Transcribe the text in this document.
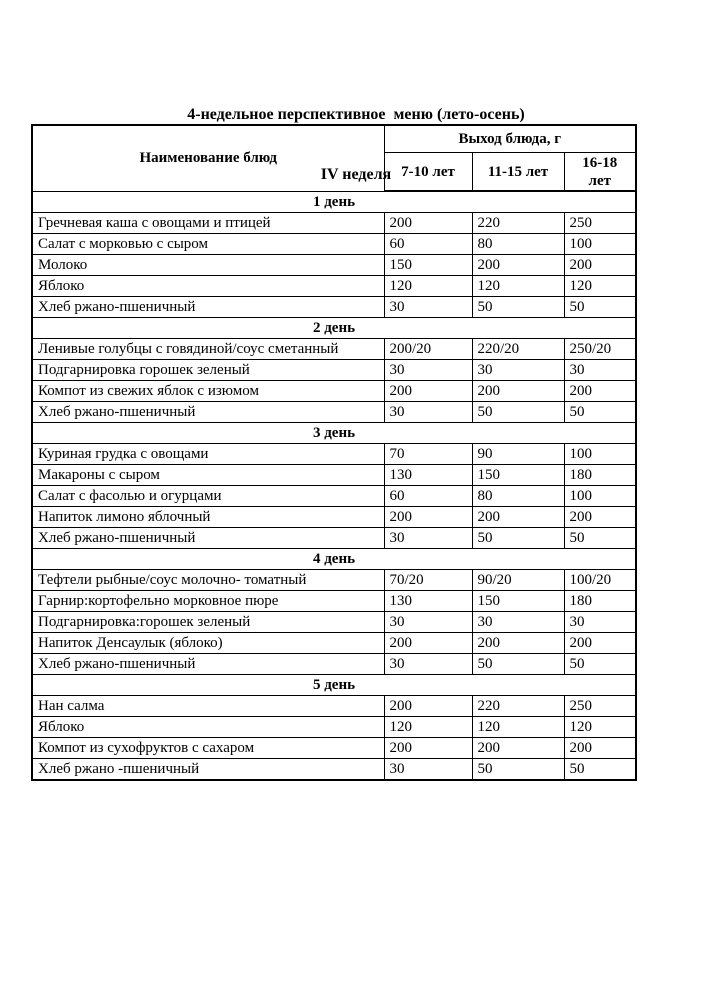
4-недельное перспективное  меню (лето-осень)

IV неделя

Наименование блюд	Выход блюда, г		
	7-10 лет	11-15 лет	16-18 лет
1 день			
Гречневая каша с овощами и птицей	200	220	250
Салат с морковью с сыром	60	80	100
Молоко	150	200	200
Яблоко	120	120	120
Хлеб ржано-пшеничный	30	50	50
2 день			
Ленивые голубцы с говядиной/соус сметанный	200/20	220/20	250/20
Подгарнировка горошек зеленый	30	30	30
Компот из свежих яблок с изюмом	200	200	200
Хлеб ржано-пшеничный	30	50	50
3 день			
Куриная грудка с овощами	70	90	100
Макароны с сыром	130	150	180
Салат с фасолью и огурцами	60	80	100
Напиток лимоно яблочный	200	200	200
Хлеб ржано-пшеничный	30	50	50
4 день			
Тефтели рыбные/соус молочно- томатный	70/20	90/20	100/20
Гарнир:кортофельно морковное пюре	130	150	180
Подгарнировка:горошек зеленый	30	30	30
Напиток Денсаулык (яблоко)	200	200	200
Хлеб ржано-пшеничный	30	50	50
5 день			
Нан салма	200	220	250
Яблоко	120	120	120
Компот из сухофруктов с сахаром	200	200	200
Хлеб ржано -пшеничный	30	50	50
